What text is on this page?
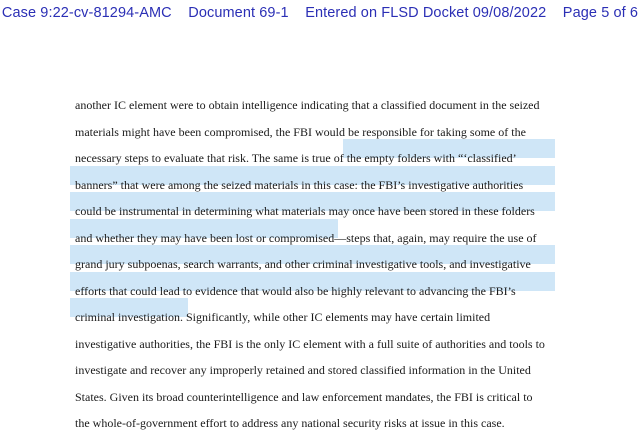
Case 9:22-cv-81294-AMC    Document 69-1    Entered on FLSD Docket 09/08/2022    Page 5 of 6
another IC element were to obtain intelligence indicating that a classified document in the seized
materials might have been compromised, the FBI would be responsible for taking some of the
necessary steps to evaluate that risk. The same is true of the empty folders with “‘classified’
banners” that were among the seized materials in this case: the FBI’s investigative authorities
could be instrumental in determining what materials may once have been stored in these folders
and whether they may have been lost or compromised—steps that, again, may require the use of
grand jury subpoenas, search warrants, and other criminal investigative tools, and investigative
efforts that could lead to evidence that would also be highly relevant to advancing the FBI’s
criminal investigation. Significantly, while other IC elements may have certain limited
investigative authorities, the FBI is the only IC element with a full suite of authorities and tools to
investigate and recover any improperly retained and stored classified information in the United
States. Given its broad counterintelligence and law enforcement mandates, the FBI is critical to
the whole-of-government effort to address any national security risks at issue in this case.
